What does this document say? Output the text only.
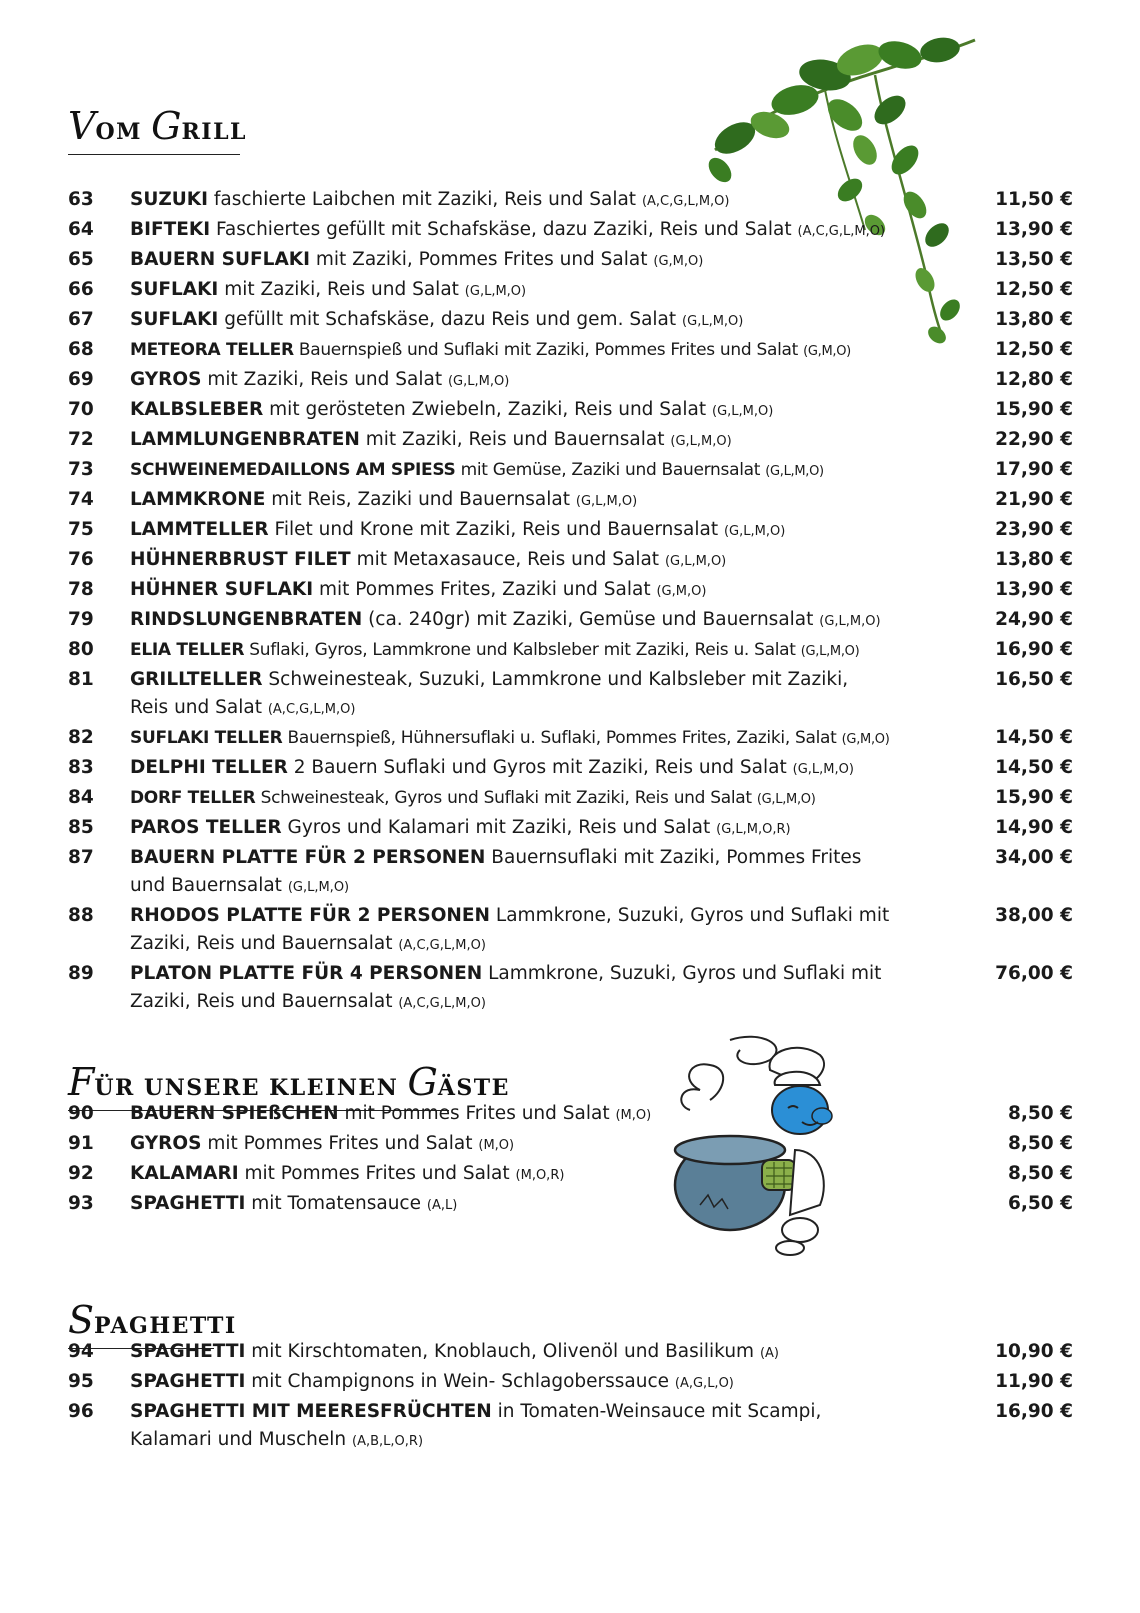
VOM GRILL
63	SUZUKI faschierte Laibchen mit Zaziki, Reis und Salat (A,C,G,L,M,O)	11,50 €
64	BIFTEKI Faschiertes gefüllt mit Schafskäse, dazu Zaziki, Reis und Salat (A,C,G,L,M,O)	13,90 €
65	BAUERN SUFLAKI mit Zaziki, Pommes Frites und Salat (G,M,O)	13,50 €
66	SUFLAKI mit Zaziki, Reis und Salat (G,L,M,O)	12,50 €
67	SUFLAKI gefüllt mit Schafskäse, dazu Reis und gem. Salat (G,L,M,O)	13,80 €
68	METEORA TELLER Bauernspieß und Suflaki mit Zaziki, Pommes Frites und Salat (G,M,O)	12,50 €
69	GYROS mit Zaziki, Reis und Salat (G,L,M,O)	12,80 €
70	KALBSLEBER mit gerösteten Zwiebeln, Zaziki, Reis und Salat (G,L,M,O)	15,90 €
72	LAMMLUNGENBRATEN mit Zaziki, Reis und Bauernsalat (G,L,M,O)	22,90 €
73	SCHWEINEMEDAILLONS AM SPIESS mit Gemüse, Zaziki und Bauernsalat (G,L,M,O)	17,90 €
74	LAMMKRONE mit Reis, Zaziki und Bauernsalat (G,L,M,O)	21,90 €
75	LAMMTELLER Filet und Krone mit Zaziki, Reis und Bauernsalat (G,L,M,O)	23,90 €
76	HÜHNERBRUST FILET mit Metaxasauce, Reis und Salat (G,L,M,O)	13,80 €
78	HÜHNER SUFLAKI mit Pommes Frites, Zaziki und Salat (G,M,O)	13,90 €
79	RINDSLUNGENBRATEN (ca. 240gr) mit Zaziki, Gemüse und Bauernsalat (G,L,M,O)	24,90 €
80	ELIA TELLER Suflaki, Gyros, Lammkrone und Kalbsleber mit Zaziki, Reis u. Salat (G,L,M,O)	16,90 €
81	GRILLTELLER Schweinesteak, Suzuki, Lammkrone und Kalbsleber mit Zaziki, Reis und Salat (A,C,G,L,M,O)
16,50 €
82	SUFLAKI TELLER Bauernspieß, Hühnersuflaki u. Suflaki, Pommes Frites, Zaziki, Salat (G,M,O)	14,50 €
83	DELPHI TELLER 2 Bauern Suflaki und Gyros mit Zaziki, Reis und Salat (G,L,M,O)	14,50 €
84	DORF TELLER Schweinesteak, Gyros und Suflaki mit Zaziki, Reis und Salat (G,L,M,O)	15,90 €
85	PAROS TELLER Gyros und Kalamari mit Zaziki, Reis und Salat (G,L,M,O,R)	14,90 €
87	BAUERN PLATTE FÜR 2 PERSONEN Bauernsuflaki mit Zaziki, Pommes Frites und Bauernsalat (G,L,M,O)
34,00 €
88	RHODOS PLATTE FÜR 2 PERSONEN Lammkrone, Suzuki, Gyros und Suflaki mit Zaziki, Reis und Bauernsalat (A,C,G,L,M,O)
38,00 €
89	PLATON PLATTE FÜR 4 PERSONEN Lammkrone, Suzuki, Gyros und Suflaki mit Zaziki, Reis und Bauernsalat (A,C,G,L,M,O)
76,00 €
FÜR UNSERE KLEINEN GÄSTE
90	BAUERN SPIEßCHEN mit Pommes Frites und Salat (M,O)	8,50 €
91	GYROS mit Pommes Frites und Salat (M,O)	8,50 €
92	KALAMARI mit Pommes Frites und Salat (M,O,R)	8,50 €
93	SPAGHETTI mit Tomatensauce (A,L)	6,50 €
SPAGHETTI
94	SPAGHETTI mit Kirschtomaten, Knoblauch, Olivenöl und Basilikum (A)	10,90 €
95	SPAGHETTI mit Champignons in Wein- Schlagoberssauce (A,G,L,O)	11,90 €
96	SPAGHETTI MIT MEERESFRÜCHTEN in Tomaten-Weinsauce mit Scampi, Kalamari und Muscheln (A,B,L,O,R)
16,90 €
